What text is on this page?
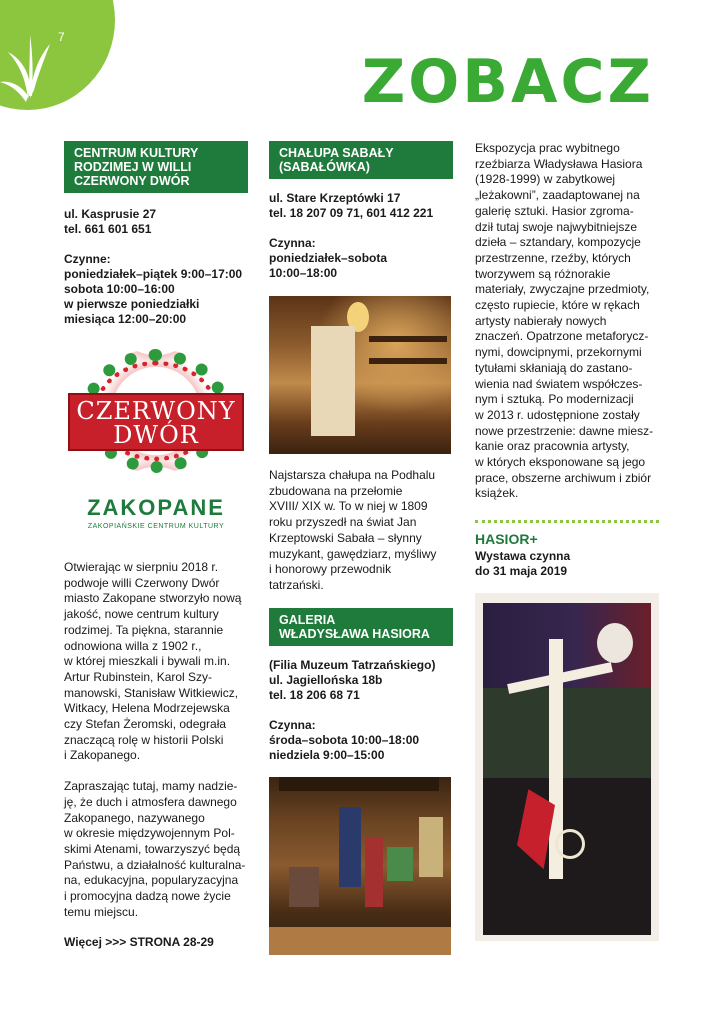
7
ZOBACZ
CENTRUM KULTURY
RODZIMEJ W WILLI
CZERWONY DWÓR
ul. Kasprusie 27
tel. 661 601 651
Czynne:
poniedziałek–piątek 9:00–17:00
sobota 10:00–16:00
w pierwsze poniedziałki
miesiąca 12:00–20:00
CZERWONY
DWÓR
ZAKOPANE
ZAKOPIAŃSKIE CENTRUM KULTURY
Otwierając w sierpniu 2018 r.
podwoje willi Czerwony Dwór
miasto Zakopane stworzyło nową
jakość, nowe centrum kultury
rodzimej. Ta piękna, starannie
odnowiona willa z 1902 r.,
w której mieszkali i bywali m.in.
Artur Rubinstein, Karol Szy-
manowski, Stanisław Witkiewicz,
Witkacy, Helena Modrzejewska
czy Stefan Żeromski, odegrała
znaczącą rolę w historii Polski
i Zakopanego.
Zapraszając tutaj, mamy nadzie-
ję, że duch i atmosfera dawnego
Zakopanego, nazywanego
w okresie międzywojennym Pol-
skimi Atenami, towarzyszyć będą
Państwu, a działalność kulturalna-
na, edukacyjna, popularyzacyjna
i promocyjna dadzą nowe życie
temu miejscu.
Więcej >>> STRONA 28-29
CHAŁUPA SABAŁY
(SABAŁÓWKA)
ul. Stare Krzeptówki 17
tel. 18 207 09 71, 601 412 221
Czynna:
poniedziałek–sobota
10:00–18:00
Najstarsza chałupa na Podhalu
zbudowana na przełomie
XVIII/ XIX w. To w niej w 1809
roku przyszedł na świat Jan
Krzeptowski Sabała – słynny
muzykant, gawędziarz, myśliwy
i honorowy przewodnik
tatrzański.
GALERIA
WŁADYSŁAWA HASIORA
(Filia Muzeum Tatrzańskiego)
ul. Jagiellońska 18b
tel. 18 206 68 71
Czynna:
środa–sobota 10:00–18:00
niedziela 9:00–15:00
Ekspozycja prac wybitnego
rzeźbiarza Władysława Hasiora
(1928-1999) w zabytkowej
„leżakowni”, zaadaptowanej na
galerię sztuki. Hasior zgroma-
dził tutaj swoje najwybitniejsze
dzieła – sztandary, kompozycje
przestrzenne, rzeźby, których
tworzywem są różnorakie
materiały, zwyczajne przedmioty,
często rupiecie, które w rękach
artysty nabierały nowych
znaczeń. Opatrzone metaforycz-
nymi, dowcipnymi, przekornymi
tytułami skłaniają do zastano-
wienia nad światem współczes-
nym i sztuką. Po modernizacji
w 2013 r. udostępnione zostały
nowe przestrzenie: dawne miesz-
kanie oraz pracownia artysty,
w których eksponowane są jego
prace, obszerne archiwum i zbiór
książek.
HASIOR+
Wystawa czynna
do 31 maja 2019
